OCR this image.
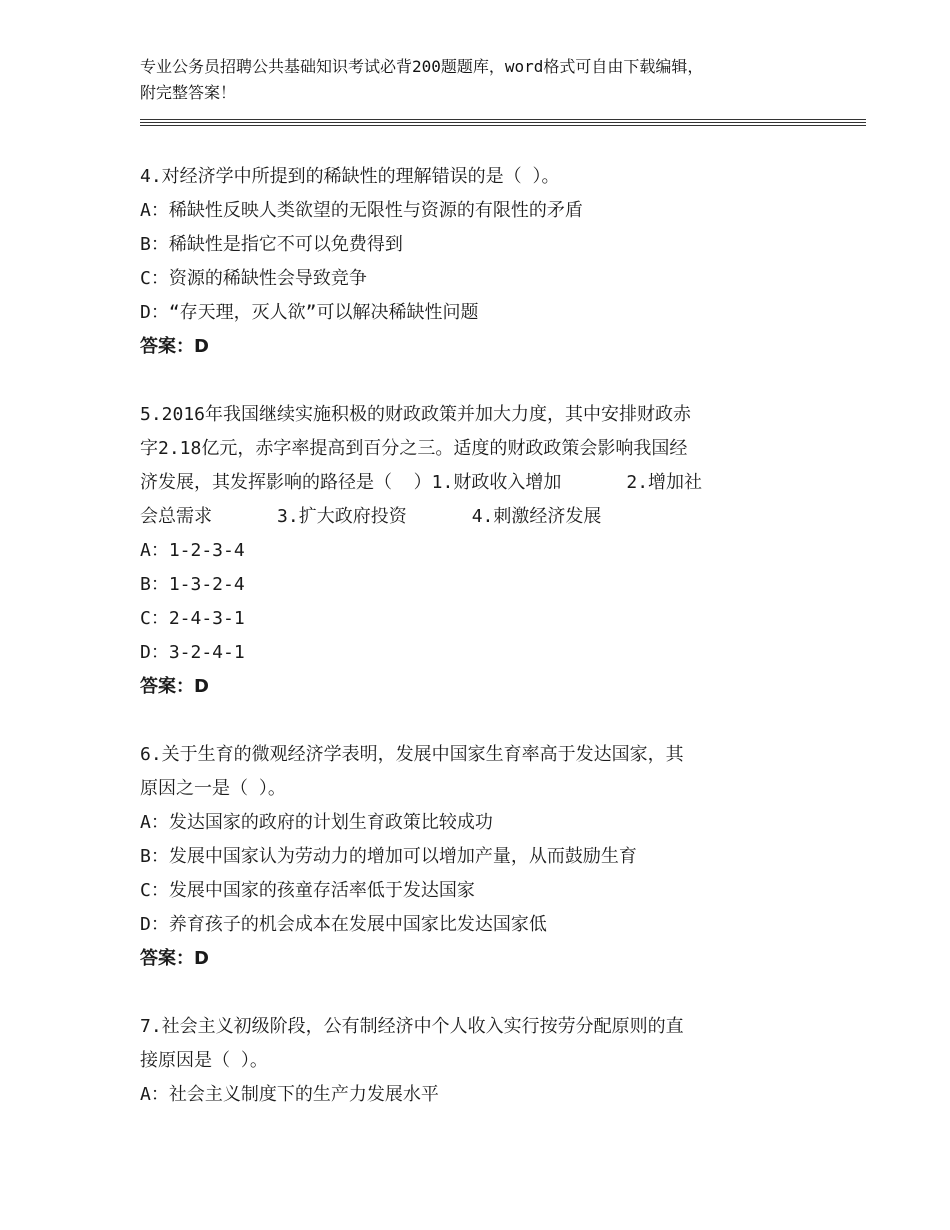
专业公务员招聘公共基础知识考试必背200题题库，word格式可自由下载编辑，
附完整答案！

4.对经济学中所提到的稀缺性的理解错误的是（ ）。

A：稀缺性反映人类欲望的无限性与资源的有限性的矛盾

B：稀缺性是指它不可以免费得到

C：资源的稀缺性会导致竞争

D：“存天理，灭人欲”可以解决稀缺性问题

答案：D

5.2016年我国继续实施积极的财政政策并加大力度，其中安排财政赤

字2.18亿元，赤字率提高到百分之三。适度的财政政策会影响我国经

济发展，其发挥影响的路径是（  ）1.财政收入增加      2.增加社

会总需求      3.扩大政府投资      4.刺激经济发展

A：1-2-3-4

B：1-3-2-4

C：2-4-3-1

D：3-2-4-1

答案：D

6.关于生育的微观经济学表明，发展中国家生育率高于发达国家，其

原因之一是（ ）。

A：发达国家的政府的计划生育政策比较成功

B：发展中国家认为劳动力的增加可以增加产量，从而鼓励生育

C：发展中国家的孩童存活率低于发达国家

D：养育孩子的机会成本在发展中国家比发达国家低

答案：D

7.社会主义初级阶段，公有制经济中个人收入实行按劳分配原则的直

接原因是（ ）。

A：社会主义制度下的生产力发展水平
